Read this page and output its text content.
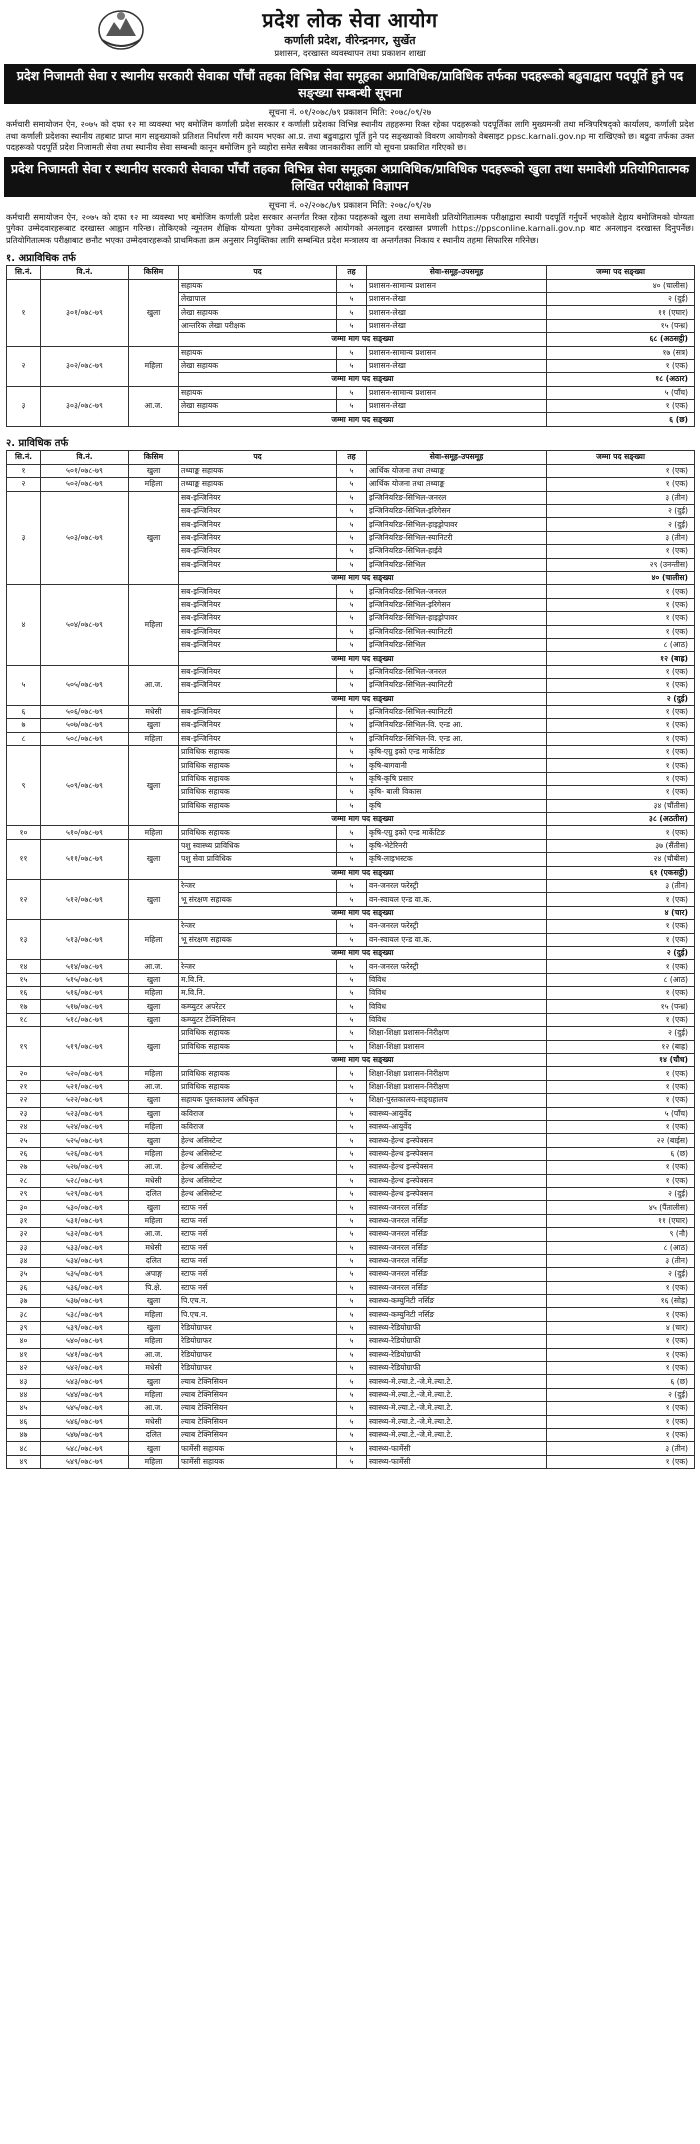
प्रदेश लोक सेवा आयोग
कर्णाली प्रदेश, वीरेन्द्रनगर, सुर्खेत
प्रशासन, दरखास्त व्यवस्थापन तथा प्रकाशन शाखा
प्रदेश निजामती सेवा र स्थानीय सरकारी सेवाका पाँचौं तहका विभिन्न सेवा समूहका अप्राविधिक/प्राविधिक तर्फका पदहरूको बढुवाद्वारा पदपूर्ति हुने पद सङ्ख्या सम्बन्धी सूचना
सूचना नं. ०१/२०७८/७९ प्रकाशन मिति: २०७८/०९/२७
कर्मचारी समायोजन ऐन, २०७५ को दफा १२ मा व्यवस्था भए बमोजिम कर्णाली प्रदेश सरकार र कर्णाली प्रदेशका विभिन्न स्थानीय तहहरूमा रिक्त रहेका पदहरूको पदपूर्तिका लागि मुख्यमन्त्री तथा मन्त्रिपरिषद्को कार्यालय, कर्णाली प्रदेश तथा कर्णाली प्रदेशका स्थानीय तहबाट प्राप्त माग सङ्ख्याको प्रतिशत निर्धारण गरी कायम भएका आ.प्र. तथा बढुवाद्वारा पूर्ति हुने पद सङ्ख्याको विवरण आयोगको वेबसाइट ppsc.karnali.gov.np मा राखिएको छ। बढुवा तर्फका उक्त पदहरूको पदपूर्ति प्रदेश निजामती सेवा तथा स्थानीय सेवा सम्बन्धी कानून बमोजिम हुने व्यहोरा समेत सबैका जानकारीका लागि यो सूचना प्रकाशित गरिएको छ।
प्रदेश निजामती सेवा र स्थानीय सरकारी सेवाका पाँचौं तहका विभिन्न सेवा समूहका अप्राविधिक/प्राविधिक पदहरूको खुला तथा समावेशी प्रतियोगितात्मक लिखित परीक्षाको विज्ञापन
सूचना नं. ०२/२०७८/७९ प्रकाशन मिति: २०७८/०९/२७
कर्मचारी समायोजन ऐन, २०७५ को दफा १२ मा व्यवस्था भए बमोजिम कर्णाली प्रदेश सरकार अन्तर्गत रिक्त रहेका पदहरूको खुला तथा समावेशी प्रतियोगितात्मक परीक्षाद्वारा स्थायी पदपूर्ति गर्नुपर्ने भएकोले देहाय बमोजिमको योग्यता पुगेका उम्मेदवारहरूबाट दरखास्त आह्वान गरिन्छ। तोकिएको न्यूनतम शैक्षिक योग्यता पुगेका उम्मेदवारहरूले आयोगको अनलाइन दरखास्त प्रणाली https://ppsconline.karnali.gov.np बाट अनलाइन दरखास्त दिनुपर्नेछ। प्रतियोगितात्मक परीक्षाबाट छनौट भएका उम्मेदवारहरूको प्राथमिकता क्रम अनुसार नियुक्तिका लागि सम्बन्धित प्रदेश मन्त्रालय वा अन्तर्गतका निकाय र स्थानीय तहमा सिफारिस गरिनेछ।
१. अप्राविधिक तर्फ
सि.नं.	वि.नं.	किसिम	पद	तह	सेवा-समूह-उपसमूह	जम्मा पद सङ्ख्या
१	३०१/०७८-७९	खुला	सहायक	५	प्रशासन-सामान्य प्रशासन	४० (चालीस)
			लेखापाल	५	प्रशासन-लेखा	२ (दुई)
			लेखा सहायक	५	प्रशासन-लेखा	११ (एघार)
			आन्तरिक लेखा परीक्षक	५	प्रशासन-लेखा	१५ (पन्ध्र)
			जम्मा माग पद सङ्ख्या			६८ (अठसट्ठी)
२	३०२/०७८-७९	महिला	सहायक	५	प्रशासन-सामान्य प्रशासन	१७ (सत्र)
			लेखा सहायक	५	प्रशासन-लेखा	१ (एक)
			जम्मा माग पद सङ्ख्या			१८ (अठार)
३	३०३/०७८-७९	आ.ज.	सहायक	५	प्रशासन-सामान्य प्रशासन	५ (पाँच)
			लेखा सहायक	५	प्रशासन-लेखा	१ (एक)
			जम्मा माग पद सङ्ख्या			६ (छ)
२. प्राविधिक तर्फ
सि.नं.	वि.नं.	किसिम	पद	तह	सेवा-समूह-उपसमूह	जम्मा पद सङ्ख्या
१	५०१/०७८-७९	खुला	तथ्याङ्क सहायक	५	आर्थिक योजना तथा तथ्याङ्क	१ (एक)
२	५०२/०७८-७९	महिला	तथ्याङ्क सहायक	५	आर्थिक योजना तथा तथ्याङ्क	१ (एक)
३	५०३/०७८-७९	खुला	सब-इन्जिनियर	५	इन्जिनियरिङ-सिभिल-जनरल	३ (तीन)
			सब-इन्जिनियर	५	इन्जिनियरिङ-सिभिल-इरिगेसन	२ (दुई)
			सब-इन्जिनियर	५	इन्जिनियरिङ-सिभिल-हाइड्रोपावर	२ (दुई)
			सब-इन्जिनियर	५	इन्जिनियरिङ-सिभिल-स्यानिटरी	३ (तीन)
			सब-इन्जिनियर	५	इन्जिनियरिङ-सिभिल-हाईवे	१ (एक)
			सब-इन्जिनियर	५	इन्जिनियरिङ-सिभिल	२९ (उनन्तीस)
			जम्मा माग पद सङ्ख्या			४० (चालीस)
४	५०४/०७८-७९	महिला	सब-इन्जिनियर	५	इन्जिनियरिङ-सिभिल-जनरल	१ (एक)
			सब-इन्जिनियर	५	इन्जिनियरिङ-सिभिल-इरिगेसन	१ (एक)
			सब-इन्जिनियर	५	इन्जिनियरिङ-सिभिल-हाइड्रोपावर	१ (एक)
			सब-इन्जिनियर	५	इन्जिनियरिङ-सिभिल-स्यानिटरी	१ (एक)
			सब-इन्जिनियर	५	इन्जिनियरिङ-सिभिल	८ (आठ)
			जम्मा माग पद सङ्ख्या			१२ (बाह्र)
५	५०५/०७८-७९	आ.ज.	सब-इन्जिनियर	५	इन्जिनियरिङ-सिभिल-जनरल	१ (एक)
			सब-इन्जिनियर	५	इन्जिनियरिङ-सिभिल-स्यानिटरी	१ (एक)
			जम्मा माग पद सङ्ख्या			२ (दुई)
६	५०६/०७८-७९	मधेसी	सब-इन्जिनियर	५	इन्जिनियरिङ-सिभिल-स्यानिटरी	१ (एक)
७	५०७/०७८-७९	खुला	सब-इन्जिनियर	५	इन्जिनियरिङ-सिभिल-वि. एन्ड आ.	१ (एक)
८	५०८/०७८-७९	महिला	सब-इन्जिनियर	५	इन्जिनियरिङ-सिभिल-वि. एन्ड आ.	१ (एक)
९	५०९/०७८-७९	खुला	प्राविधिक सहायक	५	कृषि-एग्रु इको एन्ड मार्केटिङ	१ (एक)
			प्राविधिक सहायक	५	कृषि-बागवानी	१ (एक)
			प्राविधिक सहायक	५	कृषि-कृषि प्रसार	१ (एक)
			प्राविधिक सहायक	५	कृषि- बाली विकास	१ (एक)
			प्राविधिक सहायक	५	कृषि	३४ (चौंतीस)
			जम्मा माग पद सङ्ख्या			३८ (अठतीस)
१०	५१०/०७८-७९	महिला	प्राविधिक सहायक	५	कृषि-एग्रु इको एन्ड मार्केटिङ	१ (एक)
११	५११/०७८-७९	खुला	पशु स्वास्थ्य प्राविधिक	५	कृषि-भेटेरिनरी	३७ (सैंतीस)
			पशु सेवा प्राविधिक	५	कृषि-लाइभस्टक	२४ (चौबीस)
			जम्मा माग पद सङ्ख्या			६१ (एकसट्ठी)
१२	५१२/०७८-७९	खुला	रेन्जर	५	वन-जनरल फरेस्ट्री	३ (तीन)
			भू संरक्षण सहायक	५	वन-स्वायल एन्ड वा.क.	१ (एक)
			जम्मा माग पद सङ्ख्या			४ (चार)
१३	५१३/०७८-७९	महिला	रेन्जर	५	वन-जनरल फरेस्ट्री	१ (एक)
			भू संरक्षण सहायक	५	वन-स्वायल एन्ड वा.क.	१ (एक)
			जम्मा माग पद सङ्ख्या			२ (दुई)
१४	५१४/०७८-७९	आ.ज.	रेन्जर	५	वन-जनरल फरेस्ट्री	१ (एक)
१५	५१५/०७८-७९	खुला	म.वि.नि.	५	विविध	८ (आठ)
१६	५१६/०७८-७९	महिला	म.वि.नि.	५	विविध	१ (एक)
१७	५१७/०७८-७९	खुला	कम्प्युटर अपरेटर	५	विविध	१५ (पन्ध्र)
१८	५१८/०७८-७९	खुला	कम्प्युटर टेक्निसियन	५	विविध	१ (एक)
१९	५१९/०७८-७९	खुला	प्राविधिक सहायक	५	शिक्षा-शिक्षा प्रशासन-निरीक्षण	२ (दुई)
			प्राविधिक सहायक	५	शिक्षा-शिक्षा प्रशासन	१२ (बाह्र)
			जम्मा माग पद सङ्ख्या			१४ (चौध)
२०	५२०/०७८-७९	महिला	प्राविधिक सहायक	५	शिक्षा-शिक्षा प्रशासन-निरीक्षण	१ (एक)
२१	५२१/०७८-७९	आ.ज.	प्राविधिक सहायक	५	शिक्षा-शिक्षा प्रशासन-निरीक्षण	१ (एक)
२२	५२२/०७८-७९	खुला	सहायक पुस्तकालय अधिकृत	५	शिक्षा-पुस्तकालय-सङ्ग्रहालय	१ (एक)
२३	५२३/०७८-७९	खुला	कविराज	५	स्वास्थ्य-आयुर्वेद	५ (पाँच)
२४	५२४/०७८-७९	महिला	कविराज	५	स्वास्थ्य-आयुर्वेद	१ (एक)
२५	५२५/०७८-७९	खुला	हेल्थ असिस्टेन्ट	५	स्वास्थ्य-हेल्थ इन्स्पेक्सन	२२ (बाईस)
२६	५२६/०७८-७९	महिला	हेल्थ असिस्टेन्ट	५	स्वास्थ्य-हेल्थ इन्स्पेक्सन	६ (छ)
२७	५२७/०७८-७९	आ.ज.	हेल्थ असिस्टेन्ट	५	स्वास्थ्य-हेल्थ इन्स्पेक्सन	१ (एक)
२८	५२८/०७८-७९	मधेसी	हेल्थ असिस्टेन्ट	५	स्वास्थ्य-हेल्थ इन्स्पेक्सन	१ (एक)
२९	५२९/०७८-७९	दलित	हेल्थ असिस्टेन्ट	५	स्वास्थ्य-हेल्थ इन्स्पेक्सन	२ (दुई)
३०	५३०/०७८-७९	खुला	स्टाफ नर्स	५	स्वास्थ्य-जनरल नर्सिङ	४५ (पैंतालीस)
३१	५३१/०७८-७९	महिला	स्टाफ नर्स	५	स्वास्थ्य-जनरल नर्सिङ	११ (एघार)
३२	५३२/०७८-७९	आ.ज.	स्टाफ नर्स	५	स्वास्थ्य-जनरल नर्सिङ	९ (नौ)
३३	५३३/०७८-७९	मधेसी	स्टाफ नर्स	५	स्वास्थ्य-जनरल नर्सिङ	८ (आठ)
३४	५३४/०७८-७९	दलित	स्टाफ नर्स	५	स्वास्थ्य-जनरल नर्सिङ	३ (तीन)
३५	५३५/०७८-७९	अपाङ्ग	स्टाफ नर्स	५	स्वास्थ्य-जनरल नर्सिङ	२ (दुई)
३६	५३६/०७८-७९	पि.क्षे.	स्टाफ नर्स	५	स्वास्थ्य-जनरल नर्सिङ	१ (एक)
३७	५३७/०७८-७९	खुला	पि.एच.न.	५	स्वास्थ्य-कम्युनिटी नर्सिङ	१६ (सोह्र)
३८	५३८/०७८-७९	महिला	पि.एच.न.	५	स्वास्थ्य-कम्युनिटी नर्सिङ	१ (एक)
३९	५३९/०७८-७९	खुला	रेडियोग्राफर	५	स्वास्थ्य-रेडियोग्राफी	४ (चार)
४०	५४०/०७८-७९	महिला	रेडियोग्राफर	५	स्वास्थ्य-रेडियोग्राफी	१ (एक)
४१	५४१/०७८-७९	आ.ज.	रेडियोग्राफर	५	स्वास्थ्य-रेडियोग्राफी	१ (एक)
४२	५४२/०७८-७९	मधेसी	रेडियोग्राफर	५	स्वास्थ्य-रेडियोग्राफी	१ (एक)
४३	५४३/०७८-७९	खुला	ल्याब टेक्निसियन	५	स्वास्थ्य-मे.ल्या.टे.-जे.मे.ल्या.टे.	६ (छ)
४४	५४४/०७८-७९	महिला	ल्याब टेक्निसियन	५	स्वास्थ्य-मे.ल्या.टे.-जे.मे.ल्या.टे.	२ (दुई)
४५	५४५/०७८-७९	आ.ज.	ल्याब टेक्निसियन	५	स्वास्थ्य-मे.ल्या.टे.-जे.मे.ल्या.टे.	१ (एक)
४६	५४६/०७८-७९	मधेसी	ल्याब टेक्निसियन	५	स्वास्थ्य-मे.ल्या.टे.-जे.मे.ल्या.टे.	१ (एक)
४७	५४७/०७८-७९	दलित	ल्याब टेक्निसियन	५	स्वास्थ्य-मे.ल्या.टे.-जे.मे.ल्या.टे.	१ (एक)
४८	५४८/०७८-७९	खुला	फार्मेसी सहायक	५	स्वास्थ्य-फार्मेसी	३ (तीन)
४९	५४९/०७८-७९	महिला	फार्मेसी सहायक	५	स्वास्थ्य-फार्मेसी	१ (एक)
